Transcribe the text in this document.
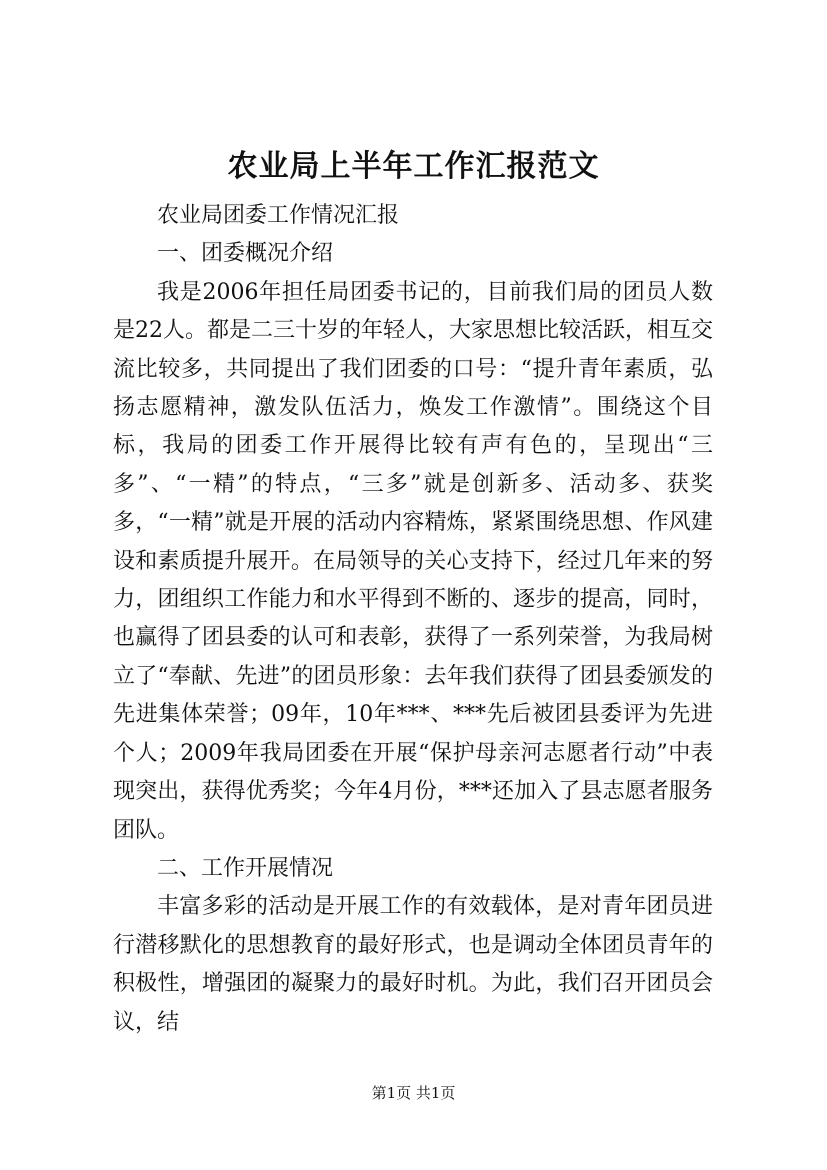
农业局上半年工作汇报范文

农业局团委工作情况汇报

一、团委概况介绍

我是2006年担任局团委书记的，目前我们局的团员人数是22人。都是二三十岁的年轻人，大家思想比较活跃，相互交流比较多，共同提出了我们团委的口号：“提升青年素质，弘扬志愿精神，激发队伍活力，焕发工作激情”。围绕这个目标，我局的团委工作开展得比较有声有色的，呈现出“三多”、“一精”的特点，“三多”就是创新多、活动多、获奖多，“一精”就是开展的活动内容精炼，紧紧围绕思想、作风建设和素质提升展开。在局领导的关心支持下，经过几年来的努力，团组织工作能力和水平得到不断的、逐步的提高，同时，也赢得了团县委的认可和表彰，获得了一系列荣誉，为我局树立了“奉献、先进”的团员形象：去年我们获得了团县委颁发的先进集体荣誉；09年，10年***、***先后被团县委评为先进个人；2009年我局团委在开展“保护母亲河志愿者行动”中表现突出，获得优秀奖；今年4月份，***还加入了县志愿者服务团队。

二、工作开展情况

丰富多彩的活动是开展工作的有效载体，是对青年团员进行潜移默化的思想教育的最好形式，也是调动全体团员青年的积极性，增强团的凝聚力的最好时机。为此，我们召开团员会议，结

第1页 共1页
